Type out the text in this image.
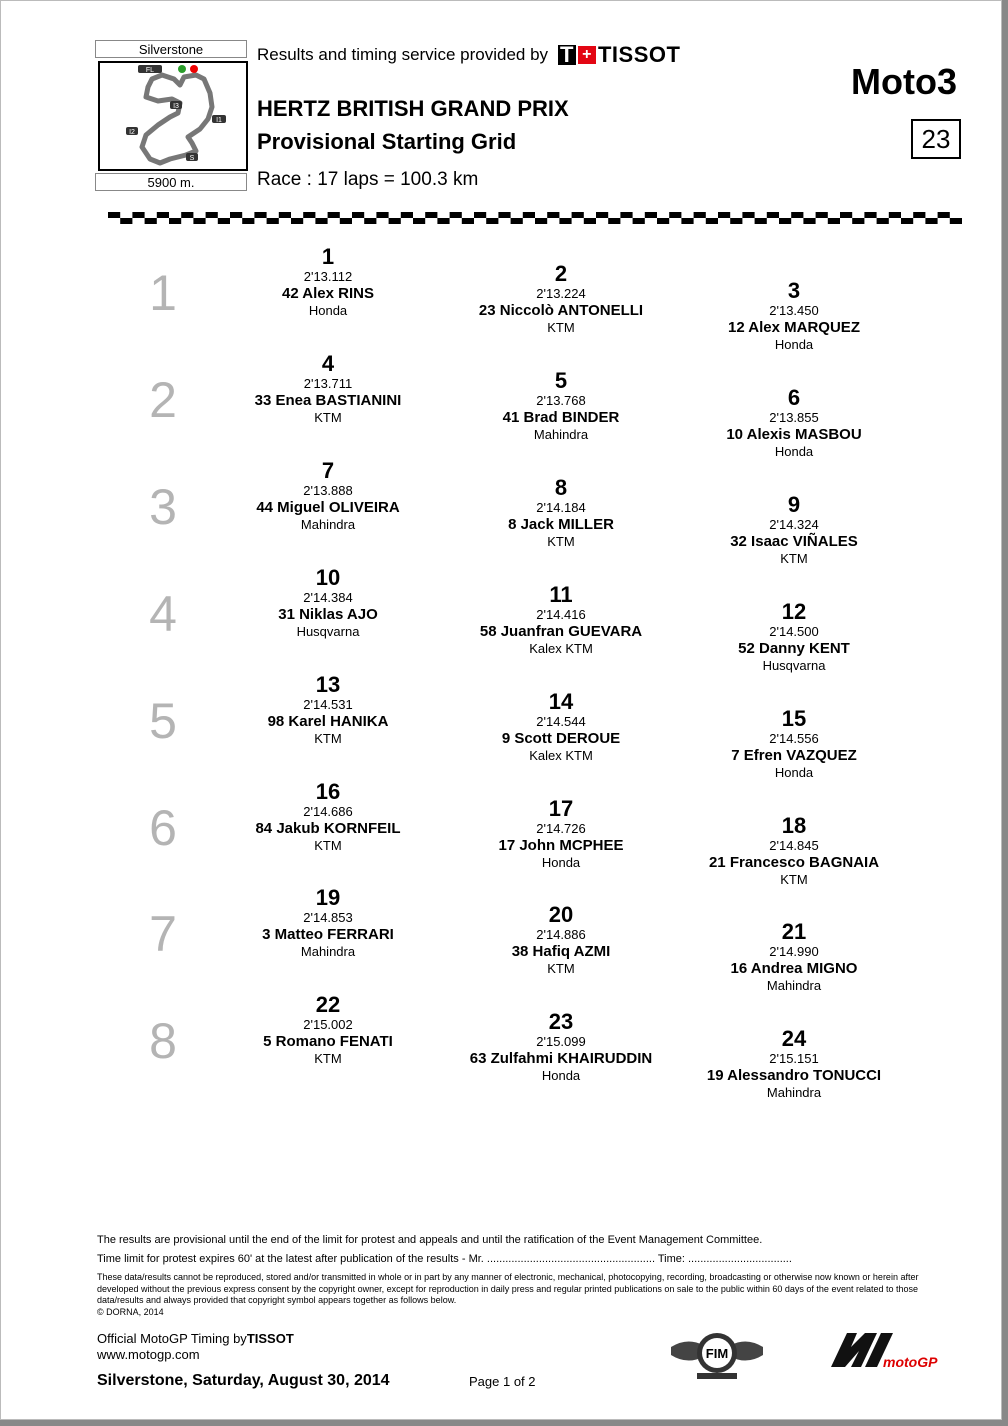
Silverstone
FL
I3
I1
I2
S
5900 m.
Results and timing service provided by T + TISSOT
HERTZ BRITISH GRAND PRIX
Provisional Starting Grid
Race : 17 laps = 100.3 km
Moto3
23
1
1
2'13.112
42 Alex RINS
Honda
2
2'13.224
23 Niccolò ANTONELLI
KTM
3
2'13.450
12 Alex MARQUEZ
Honda
2
4
2'13.711
33 Enea BASTIANINI
KTM
5
2'13.768
41 Brad BINDER
Mahindra
6
2'13.855
10 Alexis MASBOU
Honda
3
7
2'13.888
44 Miguel OLIVEIRA
Mahindra
8
2'14.184
8 Jack MILLER
KTM
9
2'14.324
32 Isaac VIÑALES
KTM
4
10
2'14.384
31 Niklas AJO
Husqvarna
11
2'14.416
58 Juanfran GUEVARA
Kalex KTM
12
2'14.500
52 Danny KENT
Husqvarna
5
13
2'14.531
98 Karel HANIKA
KTM
14
2'14.544
9 Scott DEROUE
Kalex KTM
15
2'14.556
7 Efren VAZQUEZ
Honda
6
16
2'14.686
84 Jakub KORNFEIL
KTM
17
2'14.726
17 John MCPHEE
Honda
18
2'14.845
21 Francesco BAGNAIA
KTM
7
19
2'14.853
3 Matteo FERRARI
Mahindra
20
2'14.886
38 Hafiq AZMI
KTM
21
2'14.990
16 Andrea MIGNO
Mahindra
8
22
2'15.002
5 Romano FENATI
KTM
23
2'15.099
63 Zulfahmi KHAIRUDDIN
Honda
24
2'15.151
19 Alessandro TONUCCI
Mahindra

The results are provisional until the end of the limit for protest and appeals and until the ratification of the Event Management Committee.

Time limit for protest expires 60' at the latest after publication of the results - Mr. ....................................................... Time: ..................................

These data/results cannot be reproduced, stored and/or transmitted in whole or in part by any manner of electronic, mechanical, photocopying, recording, broadcasting or otherwise now known or herein after developed without the previous express consent by the copyright owner, except for reproduction in daily press and regular printed publications on sale to the public within 60 days of the event related to those data/results and always provided that copyright symbol appears together as follows below.
© DORNA, 2014

Official MotoGP Timing byTISSOT
www.motogp.com
Silverstone, Saturday, August 30, 2014	Page 1 of 2
FIM
motoGP
